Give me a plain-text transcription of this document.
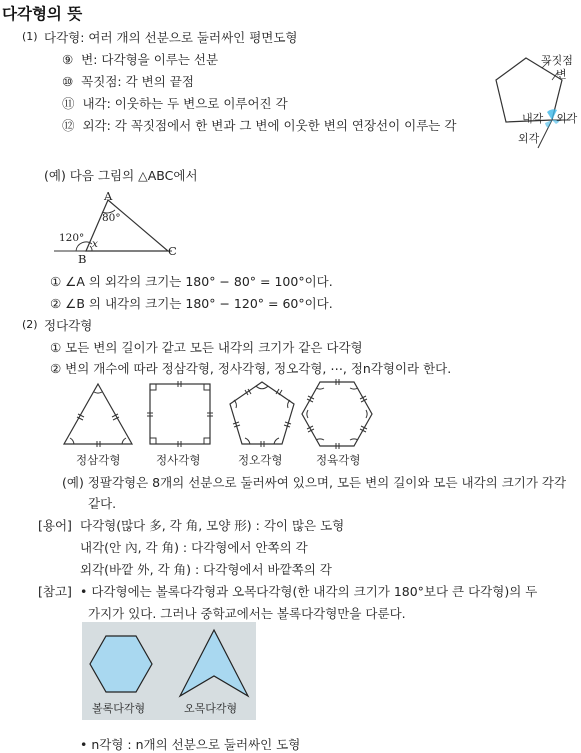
다각형의 뜻
(1) 다각형: 여러 개의 선분으로 둘러싸인 평면도형
⑨ 변: 다각형을 이루는 선분
⑩ 꼭짓점: 각 변의 끝점
⑪ 내각: 이웃하는 두 변으로 이루어진 각
⑫ 외각: 각 꼭짓점에서 한 변과 그 변에 이웃한 변의 연장선이 이루는 각
꼭짓점
변
내각 외각
외각
(예) 다음 그림의 △ABC에서
A
80°
120° x
B
C
① ∠A 의 외각의 크기는 180° − 80° = 100°이다.
② ∠B 의 내각의 크기는 180° − 120° = 60°이다.
(2) 정다각형
① 모든 변의 길이가 같고 모든 내각의 크기가 같은 다각형
② 변의 개수에 따라 정삼각형, 정사각형, 정오각형, ⋯, 정n각형이라 한다.
정삼각형	정사각형	정오각형	정육각형
(예) 정팔각형은 8개의 선분으로 둘러싸여 있으며, 모든 변의 길이와 모든 내각의 크기가 각각
같다.
[용어] 다각형(많다 多, 각 角, 모양 形) : 각이 많은 도형
내각(안 內, 각 角) : 다각형에서 안쪽의 각
외각(바깥 外, 각 角) : 다각형에서 바깥쪽의 각
[참고] • 다각형에는 볼록다각형과 오목다각형(한 내각의 크기가 180°보다 큰 다각형)의 두
가지가 있다. 그러나 중학교에서는 볼록다각형만을 다룬다.
볼록다각형	오목다각형
• n각형 : n개의 선분으로 둘러싸인 도형
